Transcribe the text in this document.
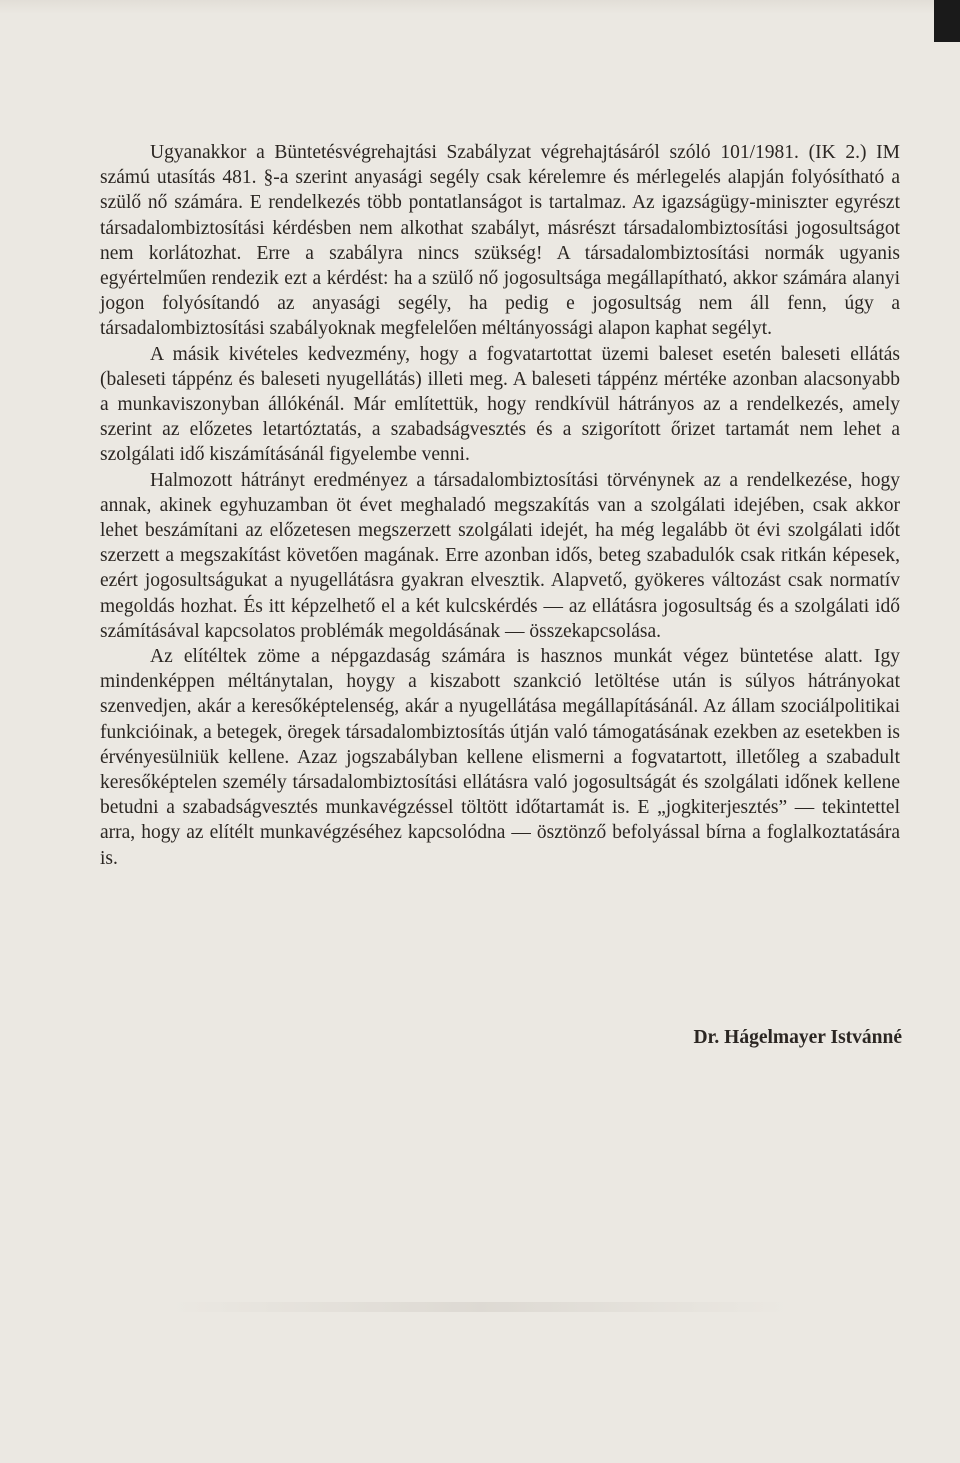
Ugyanakkor a Büntetésvégrehajtási Szabályzat végrehajtásáról szóló 101/1981. (IK 2.) IM számú utasítás 481. §-a szerint anyasági segély csak kérelemre és mérlegelés alapján folyósítható a szülő nő számára. E rendelkezés több pontatlanságot is tartalmaz. Az igazságügy-miniszter egyrészt társadalombiztosítási kérdésben nem alkothat szabályt, másrészt társadalombiztosítási jogosultságot nem korlátozhat. Erre a szabályra nincs szükség! A társadalombiztosítási normák ugyanis egyértelműen rendezik ezt a kérdést: ha a szülő nő jogosultsága megállapítható, akkor számára alanyi jogon folyósítandó az anyasági segély, ha pedig e jogosultság nem áll fenn, úgy a társadalombiztosítási szabályoknak megfelelően méltányossági alapon kaphat segélyt.

A másik kivételes kedvezmény, hogy a fogvatartottat üzemi baleset esetén baleseti ellátás (baleseti táppénz és baleseti nyugellátás) illeti meg. A baleseti táppénz mértéke azonban alacsonyabb a munkaviszonyban állókénál. Már említettük, hogy rendkívül hátrányos az a rendelkezés, amely szerint az előzetes letartóztatás, a szabadságvesztés és a szigorított őrizet tartamát nem lehet a szolgálati idő kiszámításánál figyelembe venni.

Halmozott hátrányt eredményez a társadalombiztosítási törvénynek az a rendelkezése, hogy annak, akinek egyhuzamban öt évet meghaladó megszakítás van a szolgálati idejében, csak akkor lehet beszámítani az előzetesen megszerzett szolgálati idejét, ha még legalább öt évi szolgálati időt szerzett a megszakítást követően magának. Erre azonban idős, beteg szabadulók csak ritkán képesek, ezért jogosultságukat a nyugellátásra gyakran elvesztik. Alapvető, gyökeres változást csak normatív megoldás hozhat. És itt képzelhető el a két kulcskérdés — az ellátásra jogosultság és a szolgálati idő számításával kapcsolatos problémák megoldásának — összekapcsolása.

Az elítéltek zöme a népgazdaság számára is hasznos munkát végez büntetése alatt. Igy mindenképpen méltánytalan, hoygy a kiszabott szankció letöltése után is súlyos hátrányokat szenvedjen, akár a keresőképtelenség, akár a nyugellátása megállapításánál. Az állam szociálpolitikai funkcióinak, a betegek, öregek társadalombiztosítás útján való támogatásának ezekben az esetekben is érvényesülniük kellene. Azaz jogszabályban kellene elismerni a fogvatartott, illetőleg a szabadult keresőképtelen személy társadalombiztosítási ellátásra való jogosultságát és szolgálati időnek kellene betudni a szabadságvesztés munkavégzéssel töltött időtartamát is. E „jogkiterjesztés” — tekintettel arra, hogy az elítélt munkavégzéséhez kapcsolódna — ösztönző befolyással bírna a foglalkoztatására is.

Dr. Hágelmayer Istvánné
